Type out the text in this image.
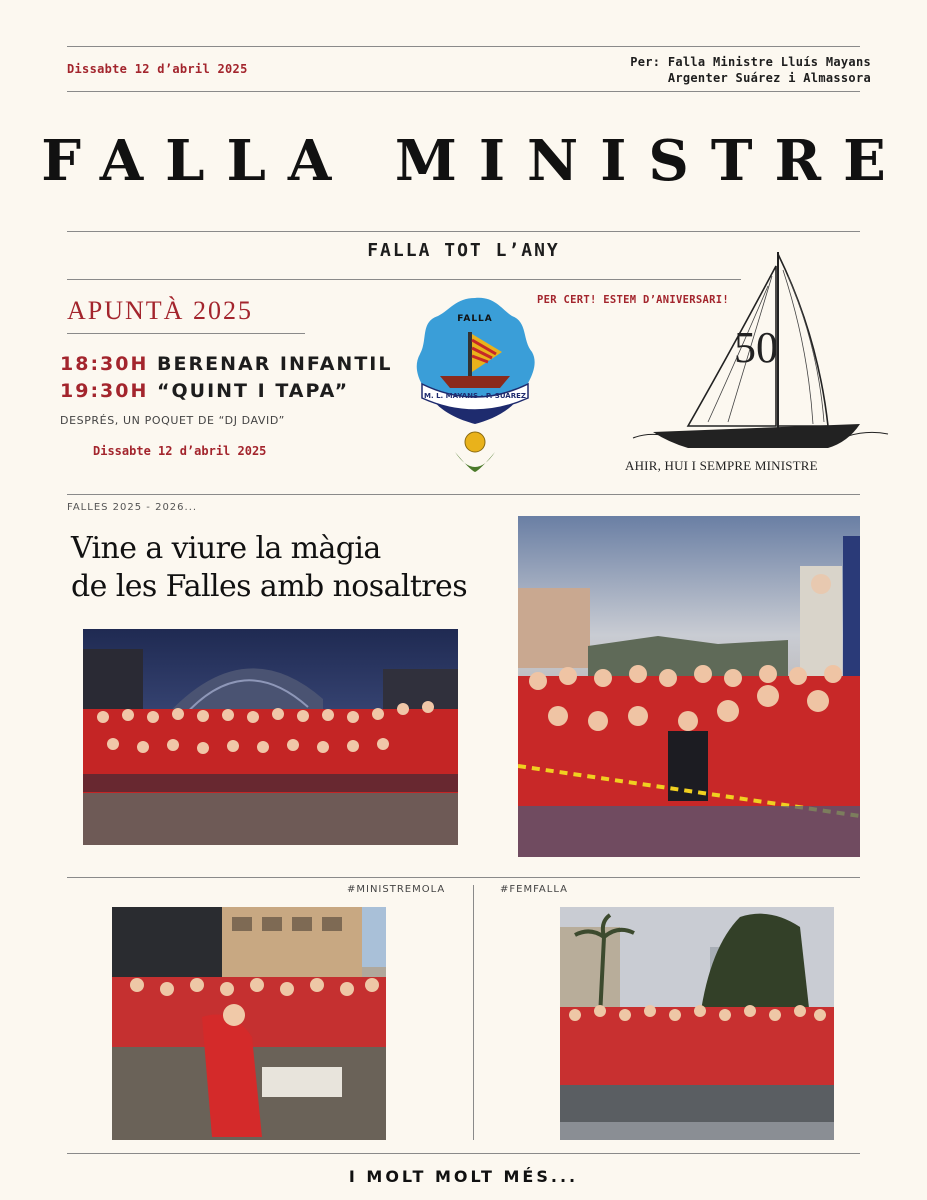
Dissabte 12 d’abril 2025	Per: Falla Ministre Lluís Mayans
Argenter Suárez i Almassora
FALLA MINISTRE
FALLA TOT L’ANY
APUNTÀ 2025
18:30H BERENAR INFANTIL
19:30H “QUINT I TAPA”
DESPRÉS, UN POQUET DE “DJ DAVID”
Dissabte 12 d’abril 2025
FALLA
M. L. MAYANS - P. SUÁREZ
PER CERT! ESTEM D’ANIVERSARI!
50
AHIR, HUI I SEMPRE MINISTRE
FALLES 2025 - 2026...
Vine a viure la màgia
de les Falles amb nosaltres
#MINISTREMOLA	#FEMFALLA
I MOLT MOLT MÉS...
